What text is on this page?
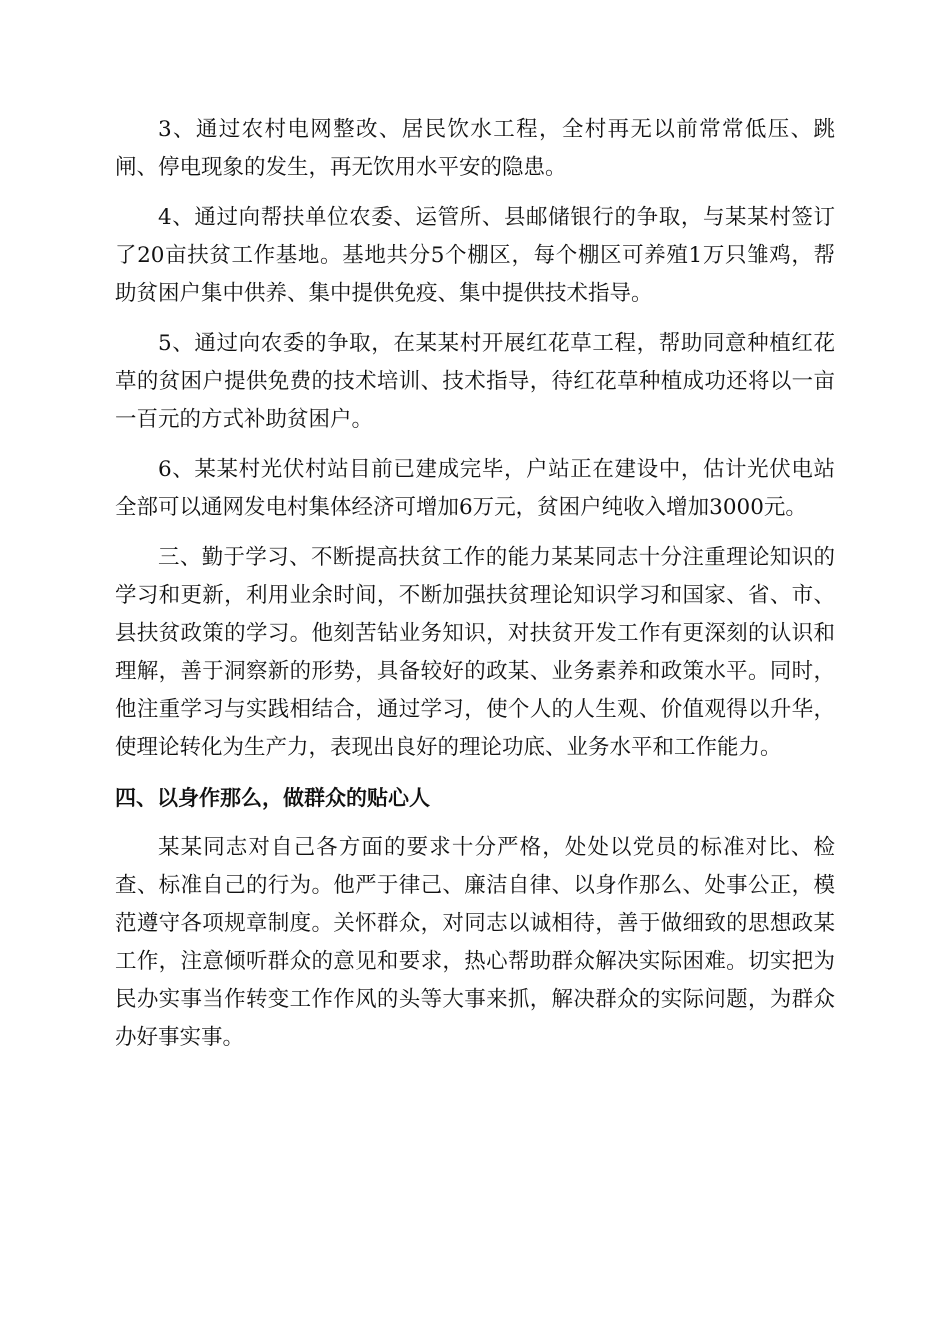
3、通过农村电网整改、居民饮水工程，全村再无以前常常低压、跳闸、停电现象的发生，再无饮用水平安的隐患。

4、通过向帮扶单位农委、运管所、县邮储银行的争取，与某某村签订了20亩扶贫工作基地。基地共分5个棚区，每个棚区可养殖1万只雏鸡，帮助贫困户集中供养、集中提供免疫、集中提供技术指导。

5、通过向农委的争取，在某某村开展红花草工程，帮助同意种植红花草的贫困户提供免费的技术培训、技术指导，待红花草种植成功还将以一亩一百元的方式补助贫困户。

6、某某村光伏村站目前已建成完毕，户站正在建设中，估计光伏电站全部可以通网发电村集体经济可增加6万元，贫困户纯收入增加3000元。

三、勤于学习、不断提高扶贫工作的能力某某同志十分注重理论知识的学习和更新，利用业余时间，不断加强扶贫理论知识学习和国家、省、市、县扶贫政策的学习。他刻苦钻业务知识，对扶贫开发工作有更深刻的认识和理解，善于洞察新的形势，具备较好的政某、业务素养和政策水平。同时，他注重学习与实践相结合，通过学习，使个人的人生观、价值观得以升华，使理论转化为生产力，表现出良好的理论功底、业务水平和工作能力。

四、以身作那么，做群众的贴心人

某某同志对自己各方面的要求十分严格，处处以党员的标准对比、检查、标准自己的行为。他严于律己、廉洁自律、以身作那么、处事公正，模范遵守各项规章制度。关怀群众，对同志以诚相待，善于做细致的思想政某工作，注意倾听群众的意见和要求，热心帮助群众解决实际困难。切实把为民办实事当作转变工作作风的头等大事来抓，解决群众的实际问题，为群众办好事实事。
